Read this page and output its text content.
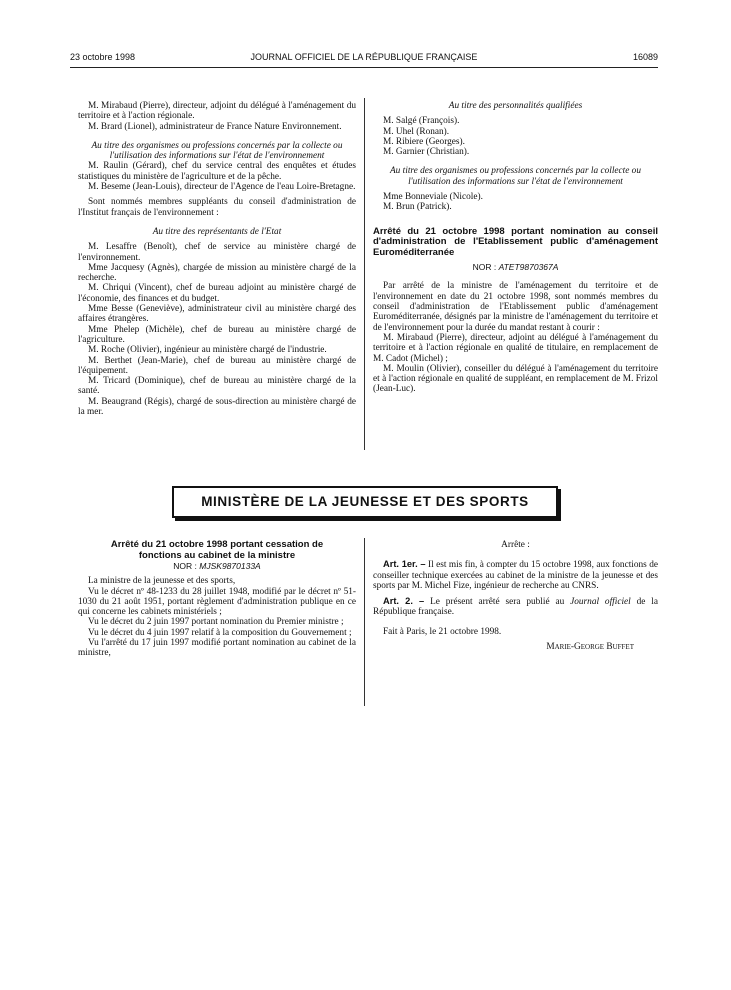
23 octobre 1998	JOURNAL OFFICIEL DE LA RÉPUBLIQUE FRANÇAISE	16089

M. Mirabaud (Pierre), directeur, adjoint du délégué à l'aménagement du territoire et à l'action régionale.

M. Brard (Lionel), administrateur de France Nature Environnement.

Au titre des organismes ou professions concernés par la collecte ou l'utilisation des informations sur l'état de l'environnement

M. Raulin (Gérard), chef du service central des enquêtes et études statistiques du ministère de l'agriculture et de la pêche.

M. Beseme (Jean-Louis), directeur de l'Agence de l'eau Loire-Bretagne.

Sont nommés membres suppléants du conseil d'administration de l'Institut français de l'environnement :

Au titre des représentants de l'Etat

M. Lesaffre (Benoît), chef de service au ministère chargé de l'environnement.

Mme Jacquesy (Agnès), chargée de mission au ministère chargé de la recherche.

M. Chriqui (Vincent), chef de bureau adjoint au ministère chargé de l'économie, des finances et du budget.

Mme Besse (Geneviève), administrateur civil au ministère chargé des affaires étrangères.

Mme Phelep (Michèle), chef de bureau au ministère chargé de l'agriculture.

M. Roche (Olivier), ingénieur au ministère chargé de l'industrie.

M. Berthet (Jean-Marie), chef de bureau au ministère chargé de l'équipement.

M. Tricard (Dominique), chef de bureau au ministère chargé de la santé.

M. Beaugrand (Régis), chargé de sous-direction au ministère chargé de la mer.

Au titre des personnalités qualifiées

M. Salgé (François).

M. Uhel (Ronan).

M. Ribiere (Georges).

M. Garnier (Christian).

Au titre des organismes ou professions concernés par la collecte ou l'utilisation des informations sur l'état de l'environnement

Mme Bonneviale (Nicole).

M. Brun (Patrick).

Arrêté du 21 octobre 1998 portant nomination au conseil d'administration de l'Etablissement public d'aménagement Euroméditerranée

NOR : ATET9870367A

Par arrêté de la ministre de l'aménagement du territoire et de l'environnement en date du 21 octobre 1998, sont nommés membres du conseil d'administration de l'Etablissement public d'aménagement Euroméditerranée, désignés par la ministre de l'aménagement du territoire et de l'environnement pour la durée du mandat restant à courir :

M. Mirabaud (Pierre), directeur, adjoint au délégué à l'aménagement du territoire et à l'action régionale en qualité de titulaire, en remplacement de M. Cadot (Michel) ;

M. Moulin (Olivier), conseiller du délégué à l'aménagement du territoire et à l'action régionale en qualité de suppléant, en remplacement de M. Frizol (Jean-Luc).

MINISTÈRE DE LA JEUNESSE ET DES SPORTS

Arrêté du 21 octobre 1998 portant cessation de fonctions au cabinet de la ministre

NOR : MJSK9870133A

La ministre de la jeunesse et des sports,

Vu le décret nº 48-1233 du 28 juillet 1948, modifié par le décret nº 51-1030 du 21 août 1951, portant règlement d'administration publique en ce qui concerne les cabinets ministériels ;

Vu le décret du 2 juin 1997 portant nomination du Premier ministre ;

Vu le décret du 4 juin 1997 relatif à la composition du Gouvernement ;

Vu l'arrêté du 17 juin 1997 modifié portant nomination au cabinet de la ministre,

Arrête :

Art. 1er. – Il est mis fin, à compter du 15 octobre 1998, aux fonctions de conseiller technique exercées au cabinet de la ministre de la jeunesse et des sports par M. Michel Fize, ingénieur de recherche au CNRS.

Art. 2. – Le présent arrêté sera publié au Journal officiel de la République française.

Fait à Paris, le 21 octobre 1998.

Marie-George Buffet
